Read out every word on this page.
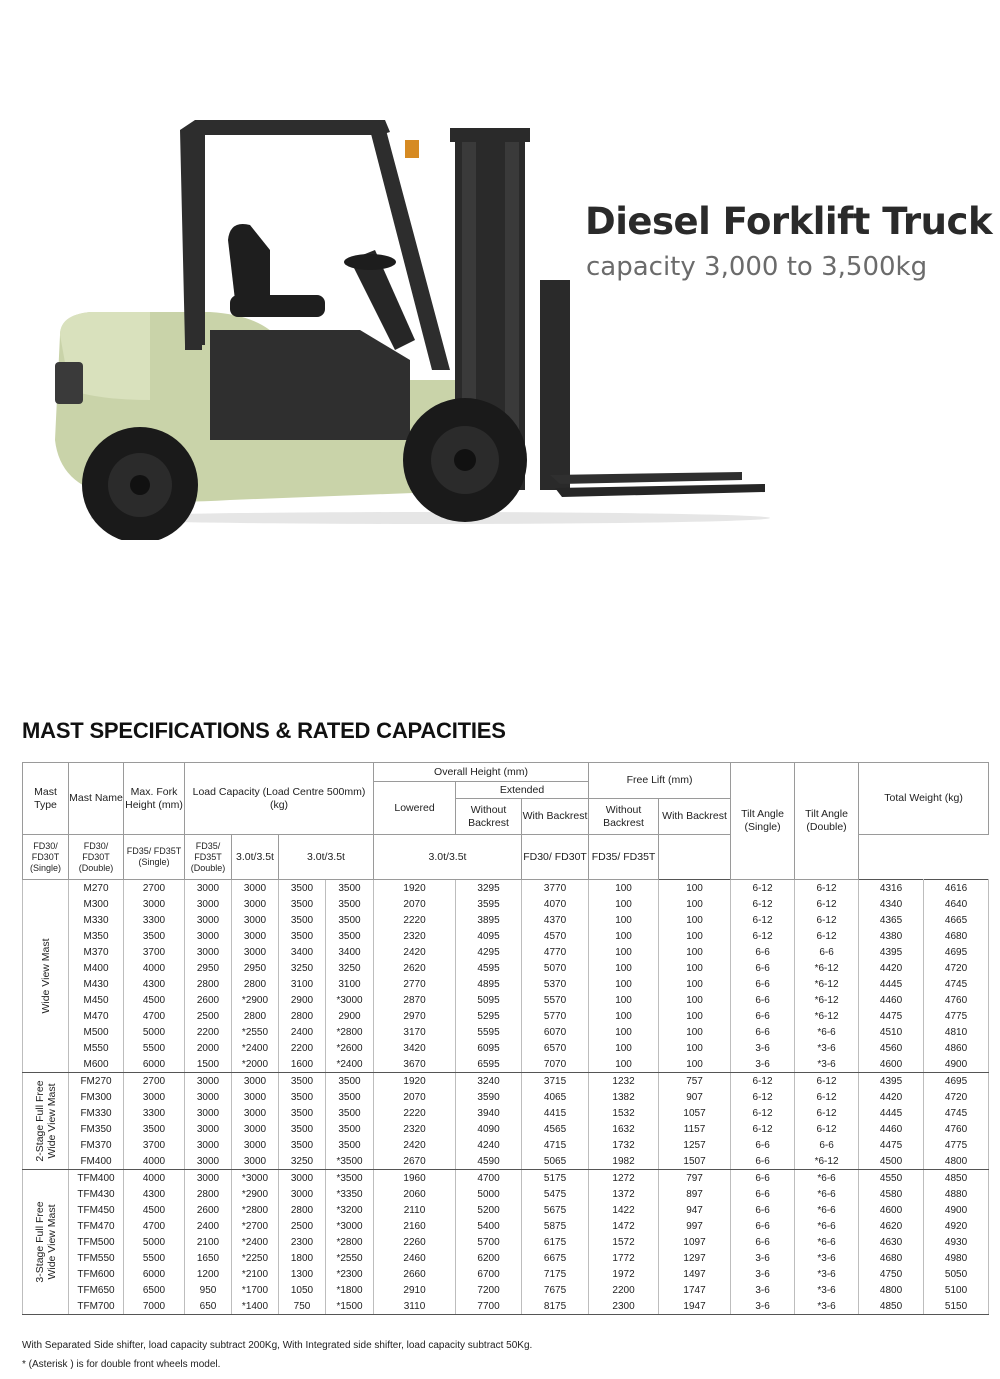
Diesel Forklift Truck
capacity 3,000 to 3,500kg
MAST SPECIFICATIONS & RATED CAPACITIES
Mast Type	Mast Name	Max. Fork Height (mm)	Load Capacity (Load Centre 500mm) (kg)				Overall Height (mm)			Free Lift (mm)		Tilt Angle (Single)	Tilt Angle (Double)	Total Weight (kg)	
							Lowered	Extended							
								Without Backrest	With Backrest	Without Backrest	With Backrest				
FD30/ FD30T (Single)	FD30/ FD30T (Double)	FD35/ FD35T (Single)	FD35/ FD35T (Double)	3.0t/3.5t	3.0t/3.5t		3.0t/3.5t		FD30/ FD30T	FD35/ FD35T					

Wide View Mast	M270	2700	3000	3000	3500	3500	1920	3295	3770	100	100	6-12	6-12	4316	4616
	M300	3000	3000	3000	3500	3500	2070	3595	4070	100	100	6-12	6-12	4340	4640
	M330	3300	3000	3000	3500	3500	2220	3895	4370	100	100	6-12	6-12	4365	4665
	M350	3500	3000	3000	3500	3500	2320	4095	4570	100	100	6-12	6-12	4380	4680
	M370	3700	3000	3000	3400	3400	2420	4295	4770	100	100	6-6	6-6	4395	4695
	M400	4000	2950	2950	3250	3250	2620	4595	5070	100	100	6-6	*6-12	4420	4720
	M430	4300	2800	2800	3100	3100	2770	4895	5370	100	100	6-6	*6-12	4445	4745
	M450	4500	2600	*2900	2900	*3000	2870	5095	5570	100	100	6-6	*6-12	4460	4760
	M470	4700	2500	2800	2800	2900	2970	5295	5770	100	100	6-6	*6-12	4475	4775
	M500	5000	2200	*2550	2400	*2800	3170	5595	6070	100	100	6-6	*6-6	4510	4810
	M550	5500	2000	*2400	2200	*2600	3420	6095	6570	100	100	3-6	*3-6	4560	4860
	M600	6000	1500	*2000	1600	*2400	3670	6595	7070	100	100	3-6	*3-6	4600	4900

2-Stage Full Free Wide View Mast	FM270	2700	3000	3000	3500	3500	1920	3240	3715	1232	757	6-12	6-12	4395	4695
	FM300	3000	3000	3000	3500	3500	2070	3590	4065	1382	907	6-12	6-12	4420	4720
	FM330	3300	3000	3000	3500	3500	2220	3940	4415	1532	1057	6-12	6-12	4445	4745
	FM350	3500	3000	3000	3500	3500	2320	4090	4565	1632	1157	6-12	6-12	4460	4760
	FM370	3700	3000	3000	3500	3500	2420	4240	4715	1732	1257	6-6	6-6	4475	4775
	FM400	4000	3000	3000	3250	*3500	2670	4590	5065	1982	1507	6-6	*6-12	4500	4800

3-Stage Full Free Wide View Mast	TFM400	4000	3000	*3000	3000	*3500	1960	4700	5175	1272	797	6-6	*6-6	4550	4850
	TFM430	4300	2800	*2900	3000	*3350	2060	5000	5475	1372	897	6-6	*6-6	4580	4880
	TFM450	4500	2600	*2800	2800	*3200	2110	5200	5675	1422	947	6-6	*6-6	4600	4900
	TFM470	4700	2400	*2700	2500	*3000	2160	5400	5875	1472	997	6-6	*6-6	4620	4920
	TFM500	5000	2100	*2400	2300	*2800	2260	5700	6175	1572	1097	6-6	*6-6	4630	4930
	TFM550	5500	1650	*2250	1800	*2550	2460	6200	6675	1772	1297	3-6	*3-6	4680	4980
	TFM600	6000	1200	*2100	1300	*2300	2660	6700	7175	1972	1497	3-6	*3-6	4750	5050
	TFM650	6500	950	*1700	1050	*1800	2910	7200	7675	2200	1747	3-6	*3-6	4800	5100
	TFM700	7000	650	*1400	750	*1500	3110	7700	8175	2300	1947	3-6	*3-6	4850	5150
With Separated Side shifter, load capacity subtract 200Kg, With Integrated side shifter, load capacity subtract 50Kg.
* (Asterisk ) is for double front wheels model.
